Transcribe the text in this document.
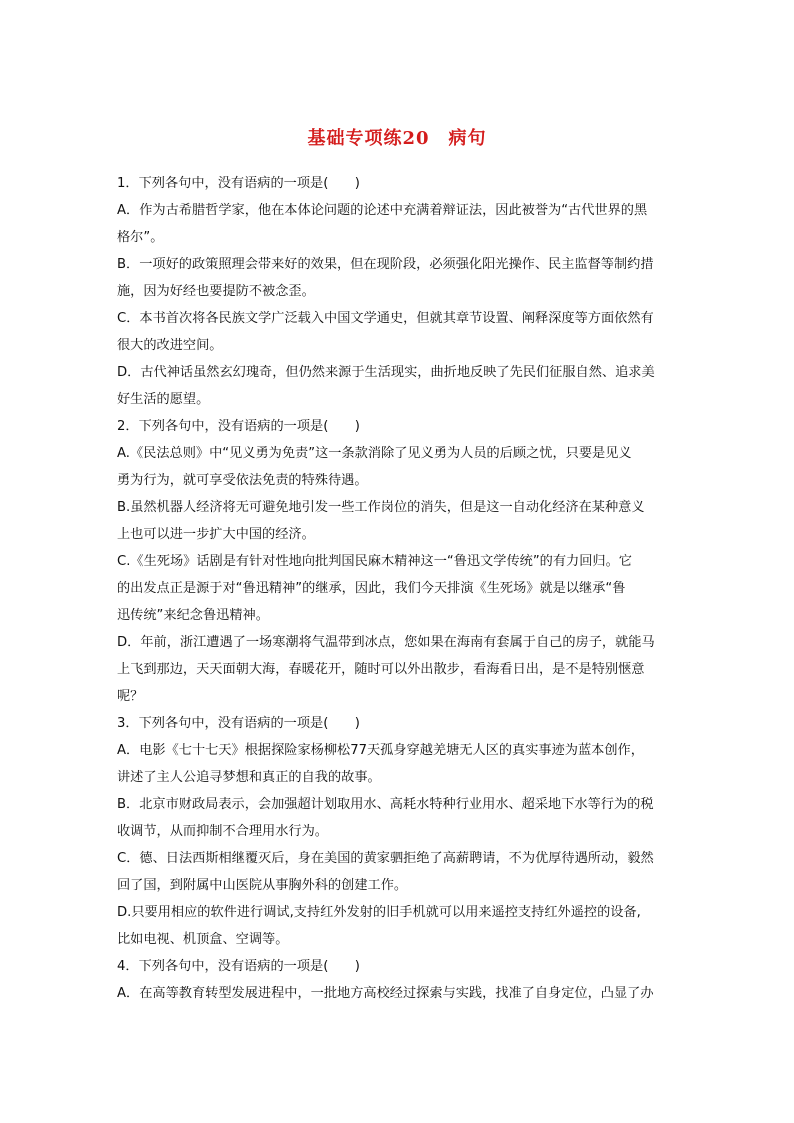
基础专项练20　病句
1．下列各句中，没有语病的一项是(　　)
A．作为古希腊哲学家，他在本体论问题的论述中充满着辩证法，因此被誉为“古代世界的黑
格尔”。
B．一项好的政策照理会带来好的效果，但在现阶段，必须强化阳光操作、民主监督等制约措
施，因为好经也要提防不被念歪。
C．本书首次将各民族文学广泛载入中国文学通史，但就其章节设置、阐释深度等方面依然有
很大的改进空间。
D．古代神话虽然玄幻瑰奇，但仍然来源于生活现实，曲折地反映了先民们征服自然、追求美
好生活的愿望。
2．下列各句中，没有语病的一项是(　　)
A.《民法总则》中“见义勇为免责”这一条款消除了见义勇为人员的后顾之忧，只要是见义
勇为行为，就可享受依法免责的特殊待遇。
B.虽然机器人经济将无可避免地引发一些工作岗位的消失，但是这一自动化经济在某种意义
上也可以进一步扩大中国的经济。
C.《生死场》话剧是有针对性地向批判国民麻木精神这一“鲁迅文学传统”的有力回归。它
的出发点正是源于对“鲁迅精神”的继承，因此，我们今天排演《生死场》就是以继承“鲁
迅传统”来纪念鲁迅精神。
D．年前，浙江遭遇了一场寒潮将气温带到冰点，您如果在海南有套属于自己的房子，就能马
上飞到那边，天天面朝大海，春暖花开，随时可以外出散步，看海看日出，是不是特别惬意
呢？
3．下列各句中，没有语病的一项是(　　)
A．电影《七十七天》根据探险家杨柳松77天孤身穿越羌塘无人区的真实事迹为蓝本创作，
讲述了主人公追寻梦想和真正的自我的故事。
B．北京市财政局表示，会加强超计划取用水、高耗水特种行业用水、超采地下水等行为的税
收调节，从而抑制不合理用水行为。
C．德、日法西斯相继覆灭后，身在美国的黄家驷拒绝了高薪聘请，不为优厚待遇所动，毅然
回了国，到附属中山医院从事胸外科的创建工作。
D.只要用相应的软件进行调试,支持红外发射的旧手机就可以用来遥控支持红外遥控的设备,
比如电视、机顶盒、空调等。
4．下列各句中，没有语病的一项是(　　)
A．在高等教育转型发展进程中，一批地方高校经过探索与实践，找准了自身定位，凸显了办
